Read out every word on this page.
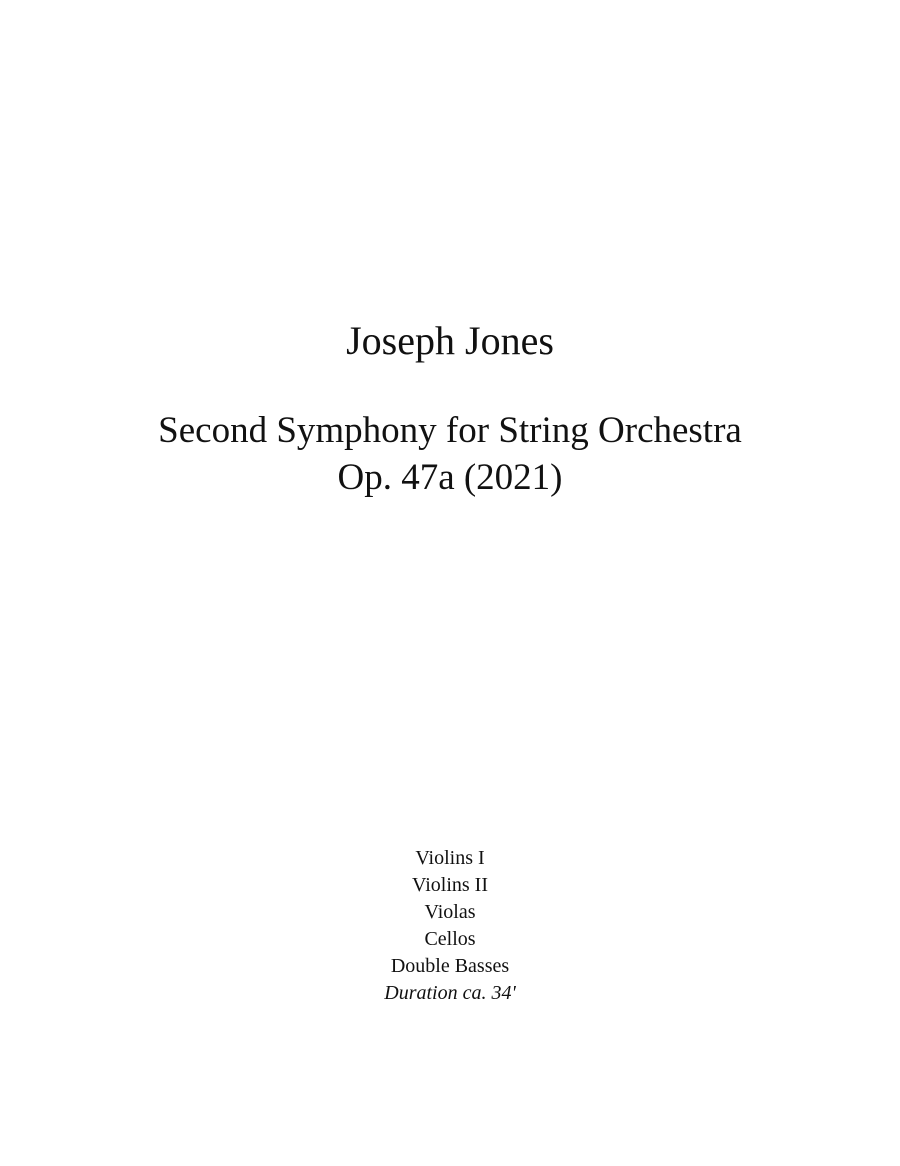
Joseph Jones
Second Symphony for String Orchestra
Op. 47a (2021)
Violins I
Violins II
Violas
Cellos
Double Basses
Duration ca. 34'
